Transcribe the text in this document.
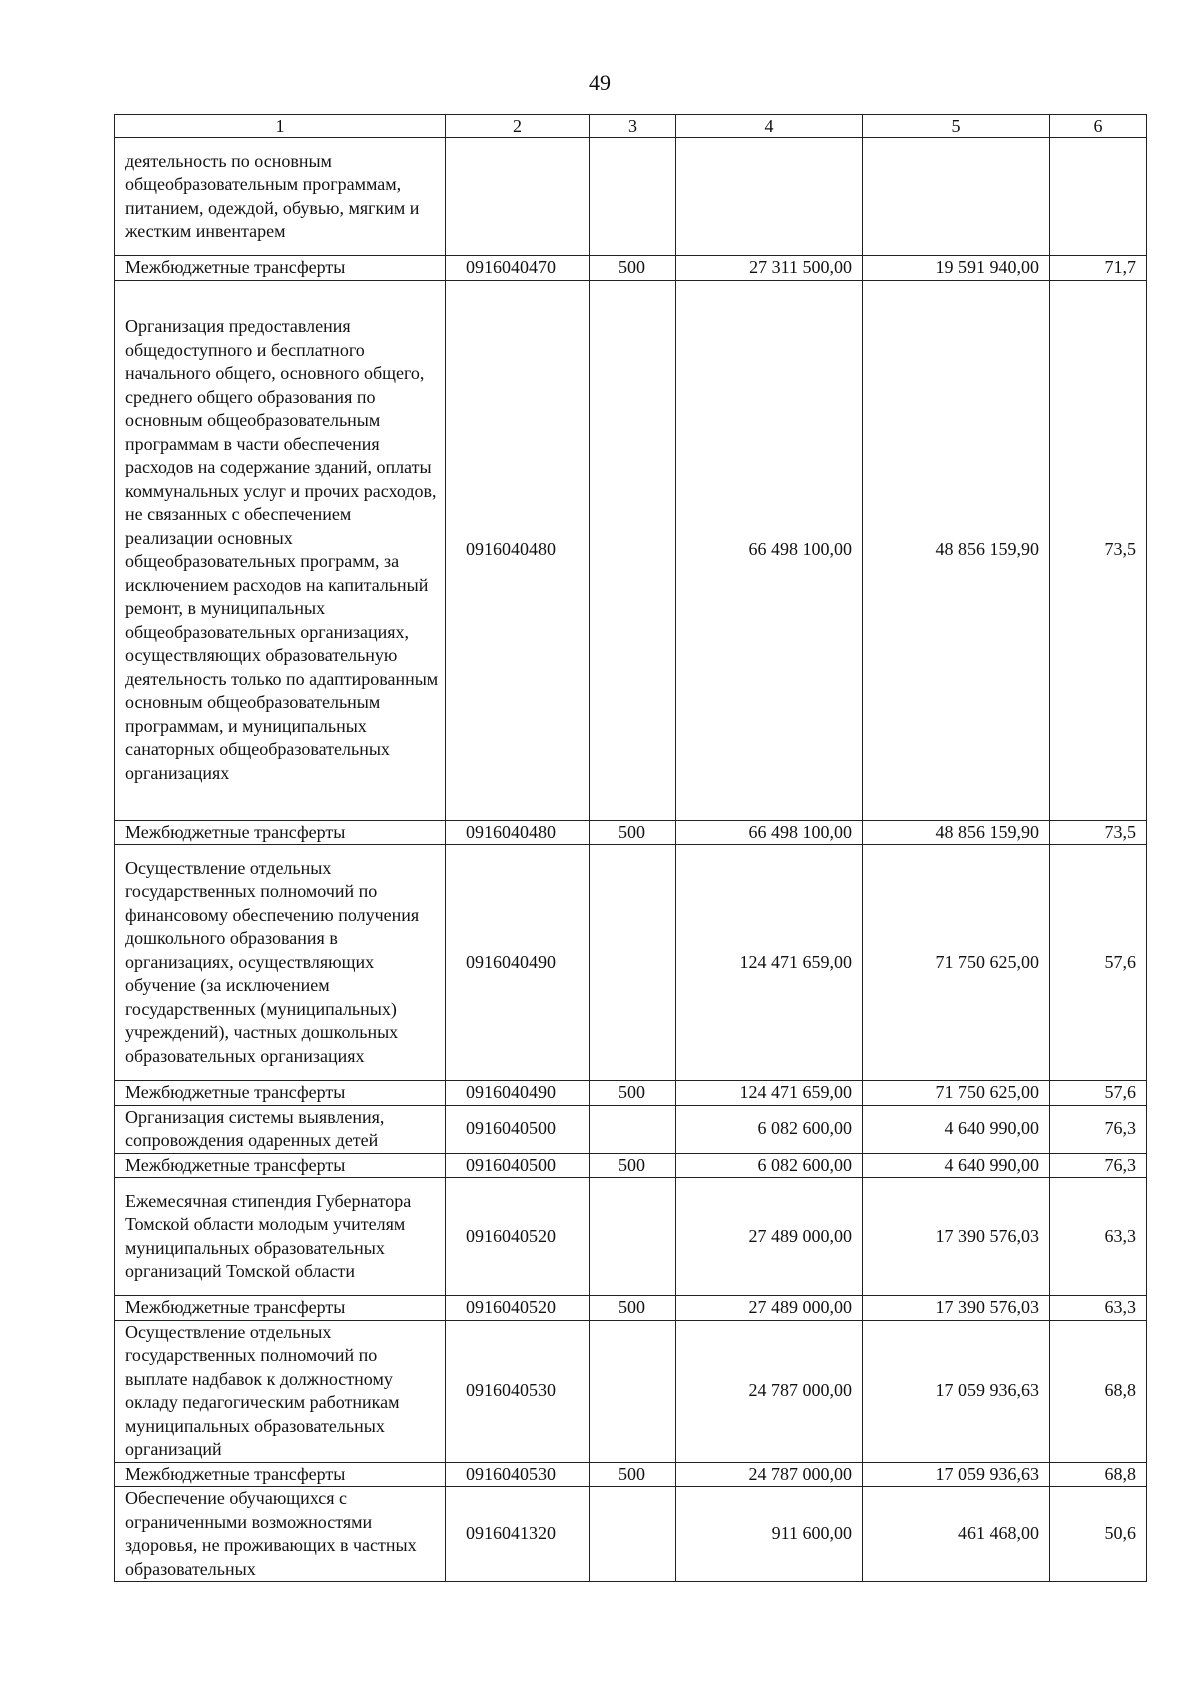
49
1	2	3	4	5	6
деятельность по основным общеобразовательным программам, питанием, одеждой, обувью, мягким и жестким инвентарем					
Межбюджетные трансферты	0916040470	500	27 311 500,00	19 591 940,00	71,7
Организация предоставления общедоступного и бесплатного начального общего, основного общего, среднего общего образования по основным общеобразовательным программам в части обеспечения расходов на содержание зданий, оплаты коммунальных услуг и прочих расходов, не связанных с обеспечением реализации основных общеобразовательных программ, за исключением расходов на капитальный ремонт, в муниципальных общеобразовательных организациях, осуществляющих образовательную деятельность только по адаптированным основным общеобразовательным программам, и муниципальных санаторных общеобразовательных организациях	0916040480		66 498 100,00	48 856 159,90	73,5
Межбюджетные трансферты	0916040480	500	66 498 100,00	48 856 159,90	73,5
Осуществление отдельных государственных полномочий по финансовому обеспечению получения дошкольного образования в организациях, осуществляющих обучение (за исключением государственных (муниципальных) учреждений), частных дошкольных образовательных организациях	0916040490		124 471 659,00	71 750 625,00	57,6
Межбюджетные трансферты	0916040490	500	124 471 659,00	71 750 625,00	57,6
Организация системы выявления, сопровождения одаренных детей	0916040500		6 082 600,00	4 640 990,00	76,3
Межбюджетные трансферты	0916040500	500	6 082 600,00	4 640 990,00	76,3
Ежемесячная стипендия Губернатора Томской области молодым учителям муниципальных образовательных организаций Томской области	0916040520		27 489 000,00	17 390 576,03	63,3
Межбюджетные трансферты	0916040520	500	27 489 000,00	17 390 576,03	63,3
Осуществление отдельных государственных полномочий по выплате надбавок к должностному окладу педагогическим работникам муниципальных образовательных организаций	0916040530		24 787 000,00	17 059 936,63	68,8
Межбюджетные трансферты	0916040530	500	24 787 000,00	17 059 936,63	68,8
Обеспечение обучающихся с ограниченными возможностями здоровья, не проживающих в частных образовательных	0916041320		911 600,00	461 468,00	50,6
